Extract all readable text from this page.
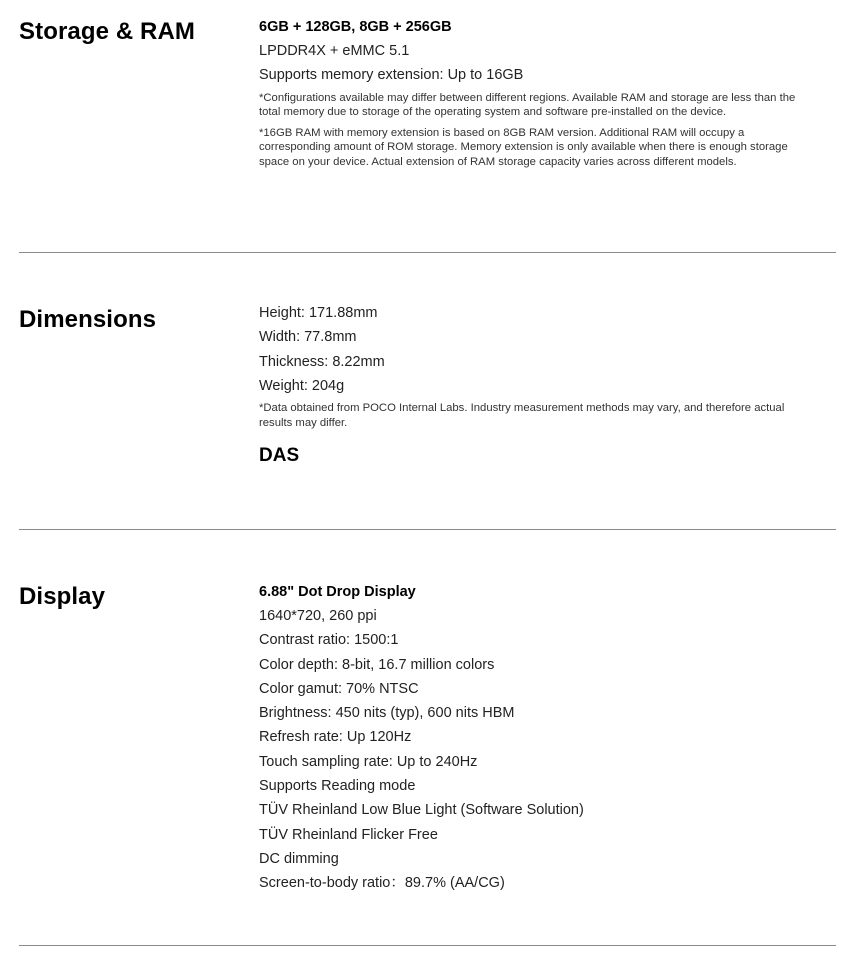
Storage & RAM	6GB + 128GB, 8GB + 256GB

LPDDR4X + eMMC 5.1

Supports memory extension: Up to 16GB

*Configurations available may differ between different regions. Available RAM and storage are less than the total memory due to storage of the operating system and software pre-installed on the device.

*16GB RAM with memory extension is based on 8GB RAM version. Additional RAM will occupy a corresponding amount of ROM storage. Memory extension is only available when there is enough storage space on your device. Actual extension of RAM storage capacity varies across different models.

Dimensions	Height: 171.88mm

Width: 77.8mm

Thickness: 8.22mm

Weight: 204g

*Data obtained from POCO Internal Labs. Industry measurement methods may vary, and therefore actual results may differ.

DAS

Display	6.88" Dot Drop Display

1640*720, 260 ppi

Contrast ratio: 1500:1

Color depth: 8-bit, 16.7 million colors

Color gamut: 70% NTSC

Brightness: 450 nits (typ), 600 nits HBM

Refresh rate: Up 120Hz

Touch sampling rate: Up to 240Hz

Supports Reading mode

TÜV Rheinland Low Blue Light (Software Solution)

TÜV Rheinland Flicker Free

DC dimming

Screen-to-body ratio：89.7% (AA/CG)
